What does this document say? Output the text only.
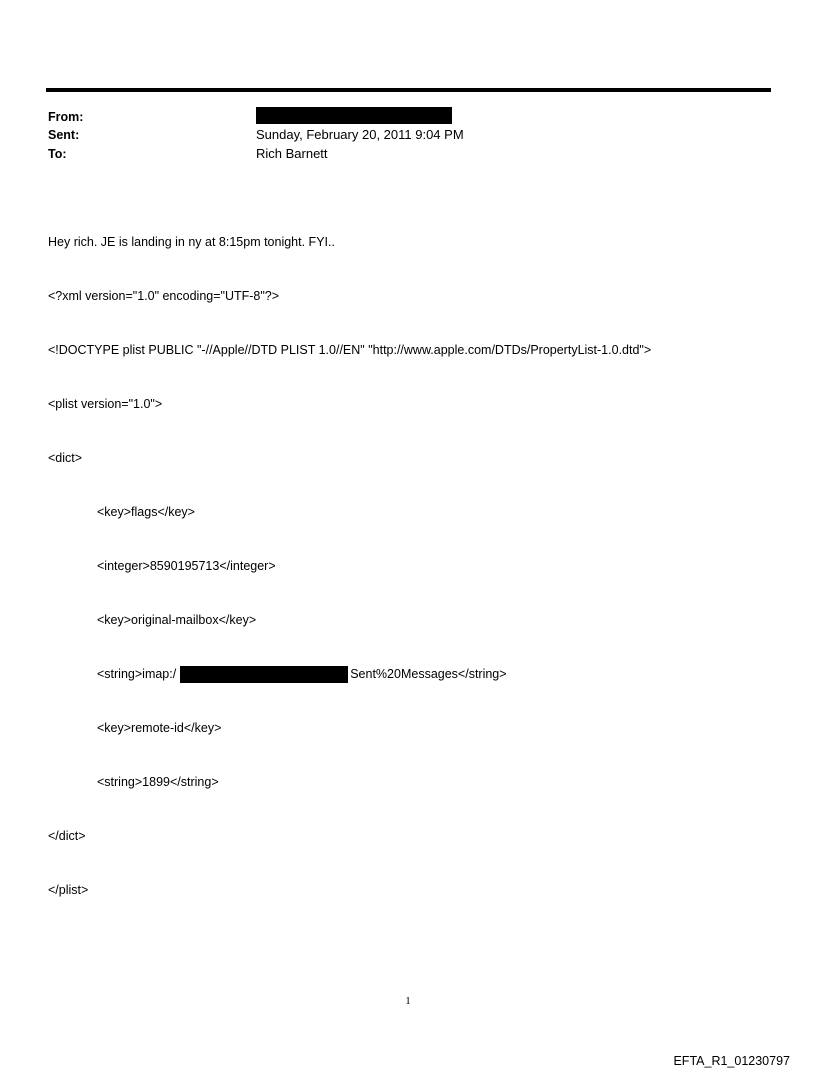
From:
Sent:	Sunday, February 20, 2011 9:04 PM
To:	Rich Barnett

Hey rich. JE is landing in ny at 8:15pm tonight. FYI..

<?xml version="1.0" encoding="UTF-8"?>

<!DOCTYPE plist PUBLIC "-//Apple//DTD PLIST 1.0//EN" "http://www.apple.com/DTDs/PropertyList-1.0.dtd">

<plist version="1.0">

<dict>

<key>flags</key>

<integer>8590195713</integer>

<key>original-mailbox</key>

<string>imap:/	Sent%20Messages</string>

<key>remote-id</key>

<string>1899</string>

</dict>

</plist>

1
EFTA_R1_01230797
